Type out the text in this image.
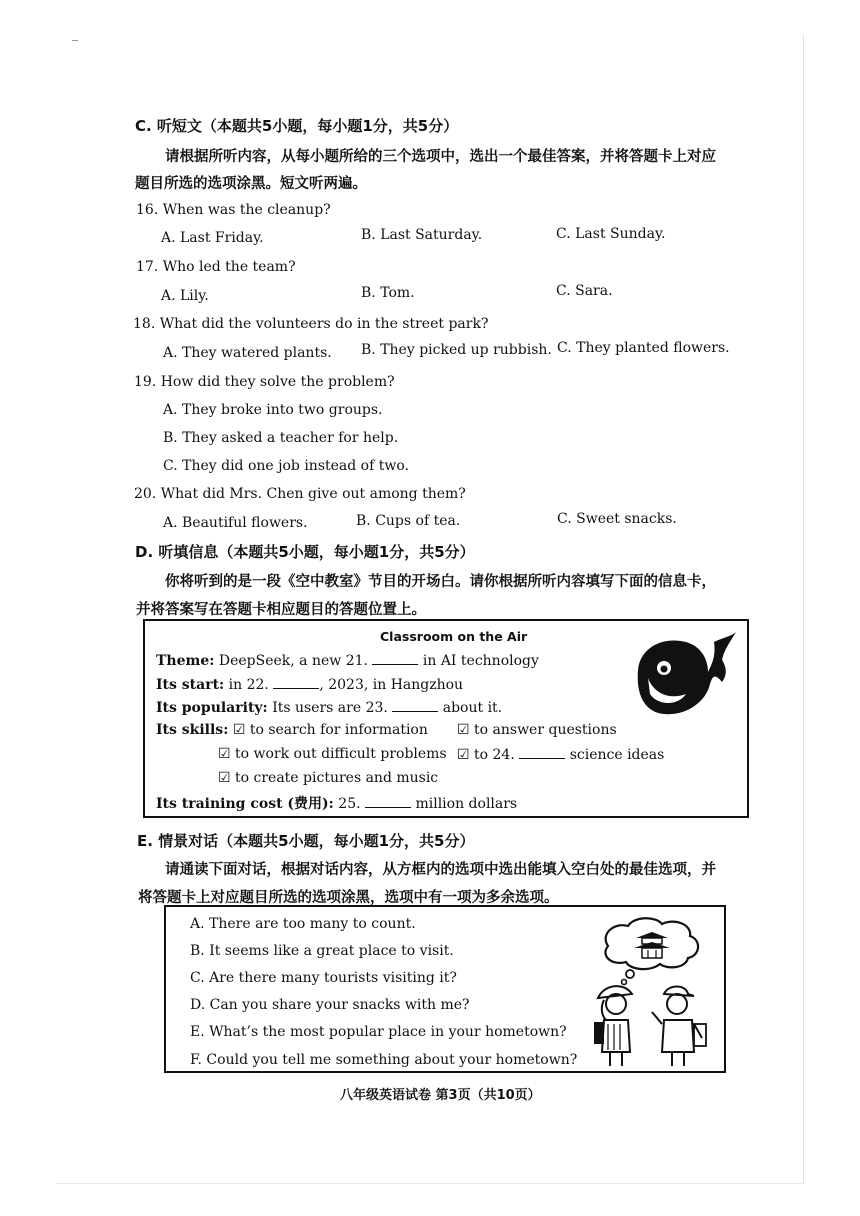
C. 听短文（本题共5小题，每小题1分，共5分）
请根据所听内容，从每小题所给的三个选项中，选出一个最佳答案，并将答题卡上对应
题目所选的选项涂黑。短文听两遍。
16. When was the cleanup?
A. Last Friday.	B. Last Saturday.	C. Last Sunday.
17. Who led the team?
A. Lily.	B. Tom.	C. Sara.
18. What did the volunteers do in the street park?
A. They watered plants. B. They picked up rubbish. C. They planted flowers.
19. How did they solve the problem?
A. They broke into two groups.
B. They asked a teacher for help.
C. They did one job instead of two.
20. What did Mrs. Chen give out among them?
A. Beautiful flowers.	B. Cups of tea.	C. Sweet snacks.
D. 听填信息（本题共5小题，每小题1分，共5分）
你将听到的是一段《空中教室》节目的开场白。请你根据所听内容填写下面的信息卡，
并将答案写在答题卡相应题目的答题位置上。
Classroom on the Air
Theme: DeepSeek, a new 21.	in AI technology
Its start: in 22.	, 2023, in Hangzhou
Its popularity: Its users are 23.	about it.
Its skills: ☑ to search for information ☑ to answer questions
☑ to work out difficult problems ☑ to 24.	science ideas
☑ to create pictures and music
Its training cost (费用): 25.	million dollars
E. 情景对话（本题共5小题，每小题1分，共5分）
请通读下面对话，根据对话内容，从方框内的选项中选出能填入空白处的最佳选项，并
将答题卡上对应题目所选的选项涂黑，选项中有一项为多余选项。
A. There are too many to count.
B. It seems like a great place to visit.
C. Are there many tourists visiting it?
D. Can you share your snacks with me?
E. What’s the most popular place in your hometown?
F. Could you tell me something about your hometown?
八年级英语试卷 第3页（共10页）
